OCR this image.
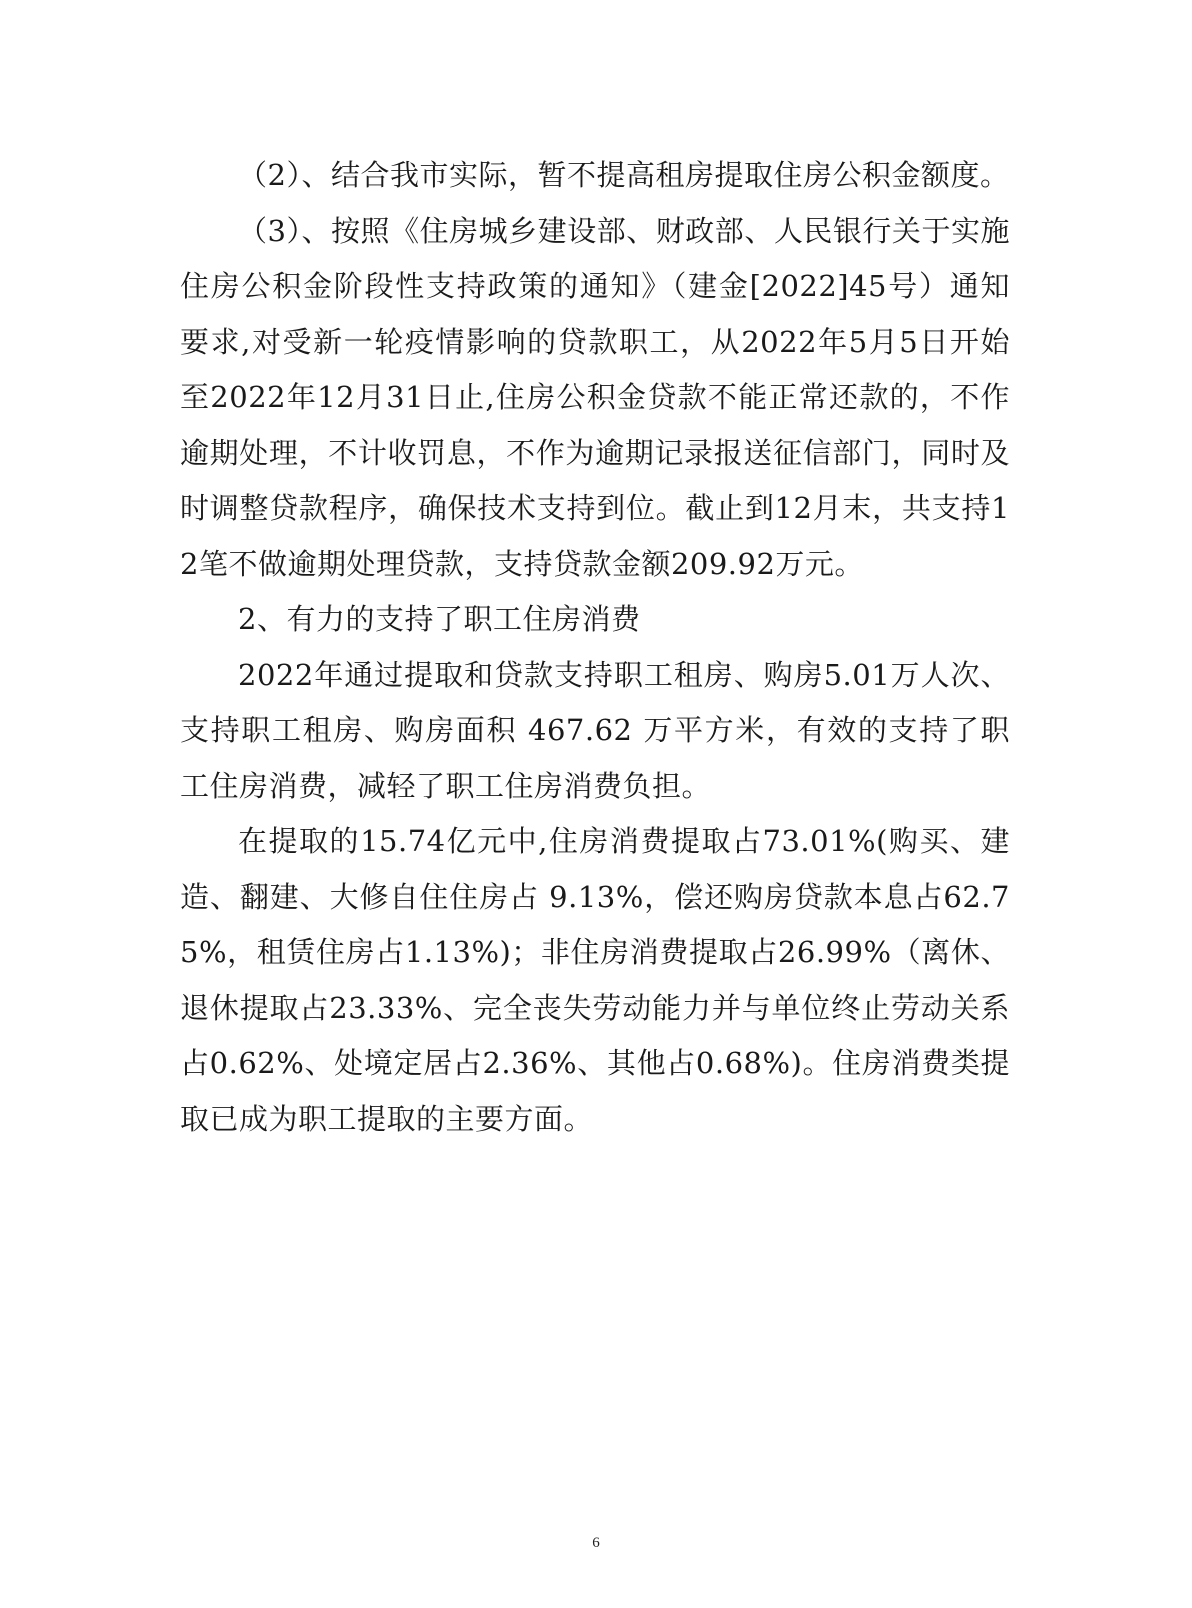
（2）、结合我市实际，暂不提高租房提取住房公积金额度。

（3）、按照《住房城乡建设部、财政部、人民银行关于实施住房公积金阶段性支持政策的通知》（建金[2022]45号）通知要求,对受新一轮疫情影响的贷款职工，从2022年5月5日开始至2022年12月31日止,住房公积金贷款不能正常还款的，不作逾期处理，不计收罚息，不作为逾期记录报送征信部门，同时及时调整贷款程序，确保技术支持到位。截止到12月末，共支持12笔不做逾期处理贷款，支持贷款金额209.92万元。

2、有力的支持了职工住房消费

2022年通过提取和贷款支持职工租房、购房5.01万人次、支持职工租房、购房面积 467.62 万平方米，有效的支持了职工住房消费，减轻了职工住房消费负担。

在提取的15.74亿元中,住房消费提取占73.01%(购买、建造、翻建、大修自住住房占 9.13%，偿还购房贷款本息占62.75%，租赁住房占1.13%)；非住房消费提取占26.99%（离休、退休提取占23.33%、完全丧失劳动能力并与单位终止劳动关系占0.62%、处境定居占2.36%、其他占0.68%)。住房消费类提取已成为职工提取的主要方面。

6
